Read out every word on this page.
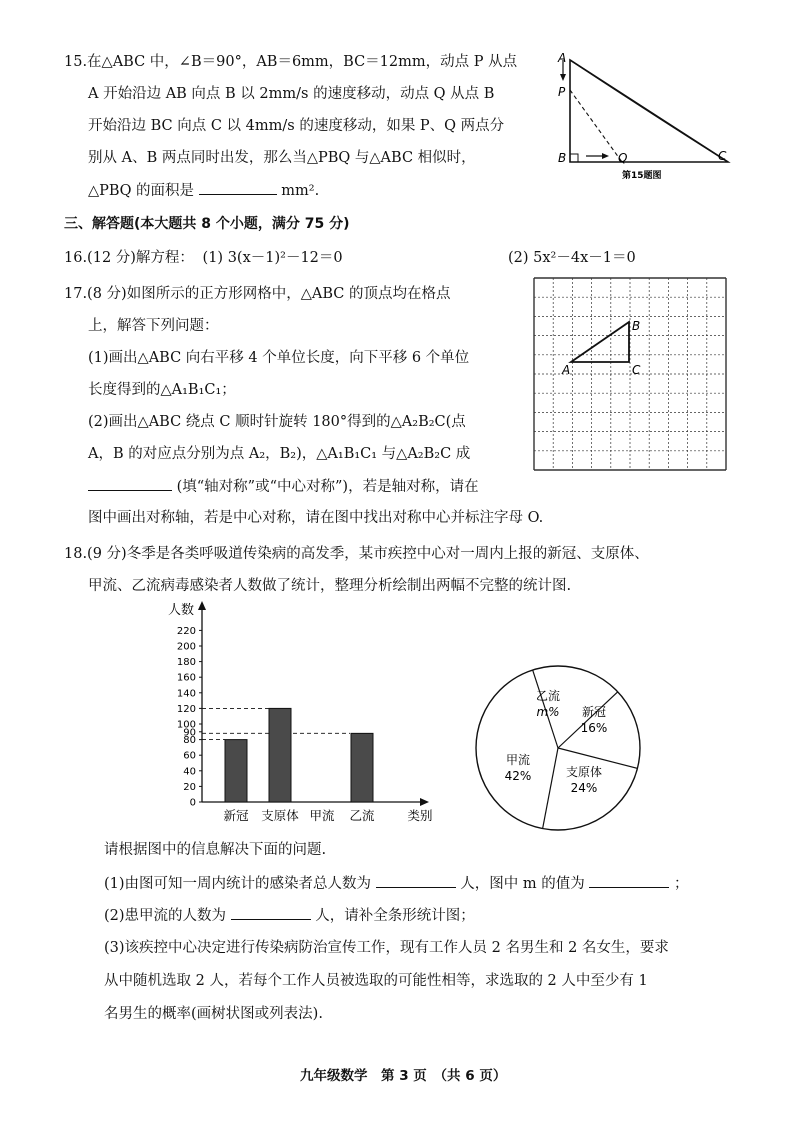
15.在△ABC 中，∠B＝90°，AB＝6mm，BC＝12mm，动点 P 从点
A 开始沿边 AB 向点 B 以 2mm/s 的速度移动，动点 Q 从点 B
开始沿边 BC 向点 C 以 4mm/s 的速度移动，如果 P、Q 两点分
别从 A、B 两点同时出发，那么当△PBQ 与△ABC 相似时，
△PBQ 的面积是	mm².
A
P
B	Q	C
第15题图
三、解答题(本大题共 8 个小题，满分 75 分)
16.(12 分)解方程： (1) 3(x－1)²－12＝0	(2) 5x²－4x－1＝0
17.(8 分)如图所示的正方形网格中，△ABC 的顶点均在格点
上，解答下列问题：
(1)画出△ABC 向右平移 4 个单位长度，向下平移 6 个单位
长度得到的△A₁B₁C₁；
(2)画出△ABC 绕点 C 顺时针旋转 180°得到的△A₂B₂C(点
A，B 的对应点分别为点 A₂，B₂)，△A₁B₁C₁ 与△A₂B₂C 成
(填“轴对称”或“中心对称”)，若是轴对称，请在
图中画出对称轴，若是中心对称，请在图中找出对称中心并标注字母 O.
A
B
C
18.(9 分)冬季是各类呼吸道传染病的高发季，某市疾控中心对一周内上报的新冠、支原体、
甲流、乙流病毒感染者人数做了统计，整理分析绘制出两幅不完整的统计图.
人数
0
20
40
60
80
90
100
120
140
160
180
200
220
新冠 支原体 甲流 乙流	类别
乙流
m% 新冠
16%
支原体
24%
甲流
42%
请根据图中的信息解决下面的问题.
(1)由图可知一周内统计的感染者总人数为	人，图中 m 的值为	；
(2)患甲流的人数为	人，请补全条形统计图；
(3)该疾控中心决定进行传染病防治宣传工作，现有工作人员 2 名男生和 2 名女生，要求
从中随机选取 2 人，若每个工作人员被选取的可能性相等，求选取的 2 人中至少有 1
名男生的概率(画树状图或列表法).
九年级数学　第 3 页　（共 6 页）
